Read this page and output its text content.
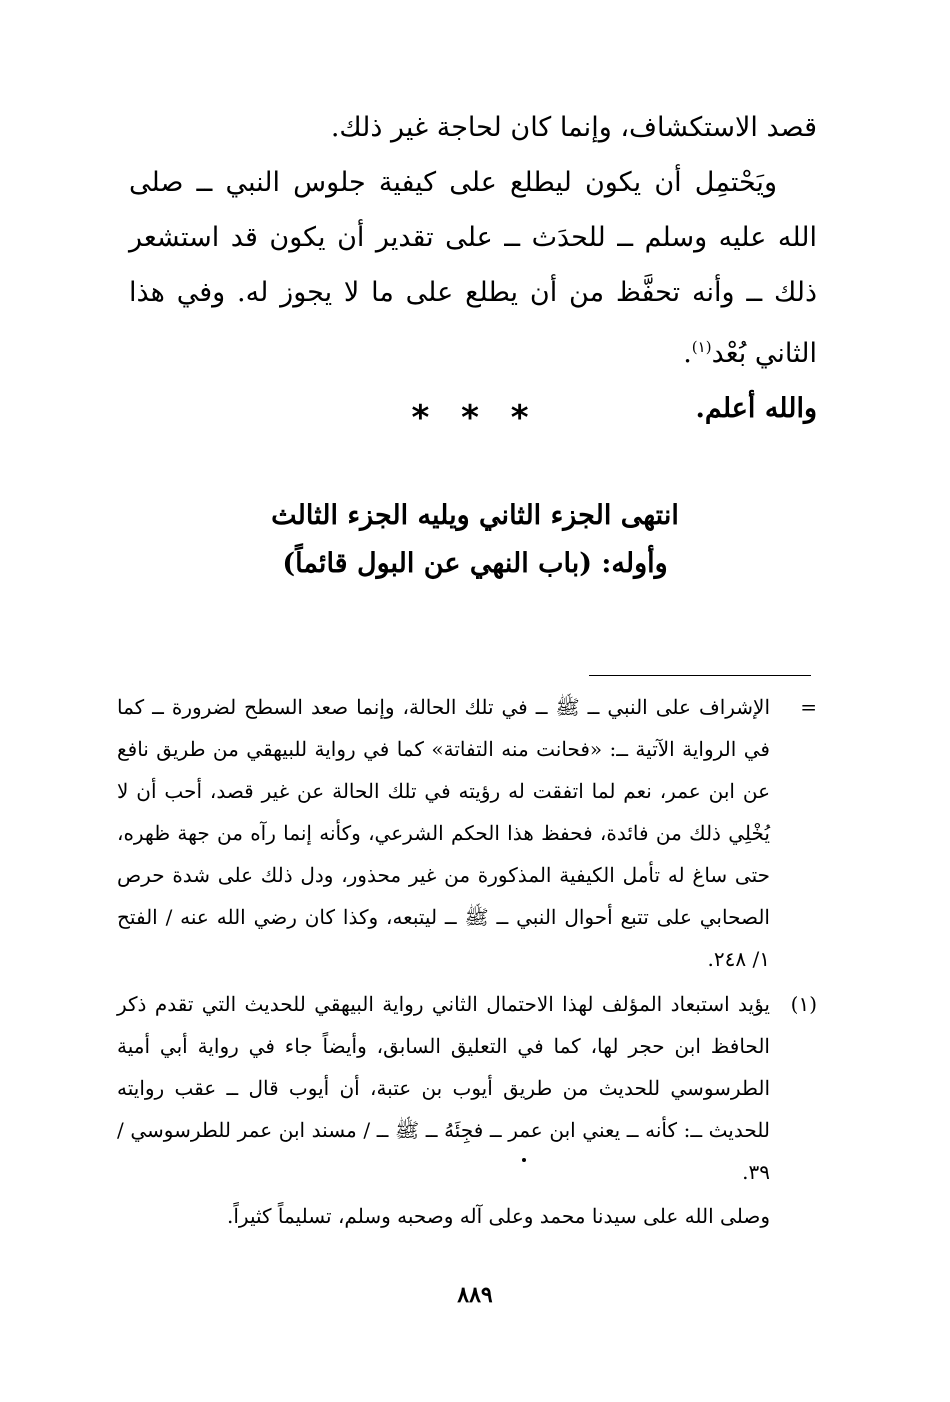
قصد الاستكشاف، وإنما كان لحاجة غير ذلك.

ويَحْتمِل أن يكون ليطلع على كيفية جلوس النبي ــ صلى الله عليه وسلم ــ للحدَث ــ على تقدير أن يكون قد استشعر ذلك ــ وأنه تحفَّظ من أن يطلع على ما لا يجوز له. وفي هذا الثاني بُعْد$^{(١)}$.

والله أعلم.

* * *
انتهى الجزء الثاني ويليه الجزء الثالث
وأوله: (باب النهي عن البول قائماً)

=
الإشراف على النبي ــ ﷺ ــ في تلك الحالة، وإنما صعد السطح لضرورة ــ كما في الرواية الآتية ــ: «فحانت منه التفاتة» كما في رواية للبيهقي من طريق نافع عن ابن عمر، نعم لما اتفقت له رؤيته في تلك الحالة عن غير قصد، أحب أن لا يُخْلِي ذلك من فائدة، فحفظ هذا الحكم الشرعي، وكأنه إنما رآه من جهة ظهره، حتى ساغ له تأمل الكيفية المذكورة من غير محذور، ودل ذلك على شدة حرص الصحابي على تتبع أحوال النبي ــ ﷺ ــ ليتبعه، وكذا كان رضي الله عنه / الفتح ١/ ٢٤٨.

(١)
يؤيد استبعاد المؤلف لهذا الاحتمال الثاني رواية البيهقي للحديث التي تقدم ذكر الحافظ ابن حجر لها، كما في التعليق السابق، وأيضاً جاء في رواية أبي أمية الطرسوسي للحديث من طريق أيوب بن عتبة، أن أيوب قال ــ عقب روايته للحديث ــ: كأنه ــ يعني ابن عمر ــ فجِئَهُ ــ ﷺ ــ / مسند ابن عمر للطرسوسي / ٣٩.

وصلى الله على سيدنا محمد وعلى آله وصحبه وسلم، تسليماً كثيراً.

٨٨٩
